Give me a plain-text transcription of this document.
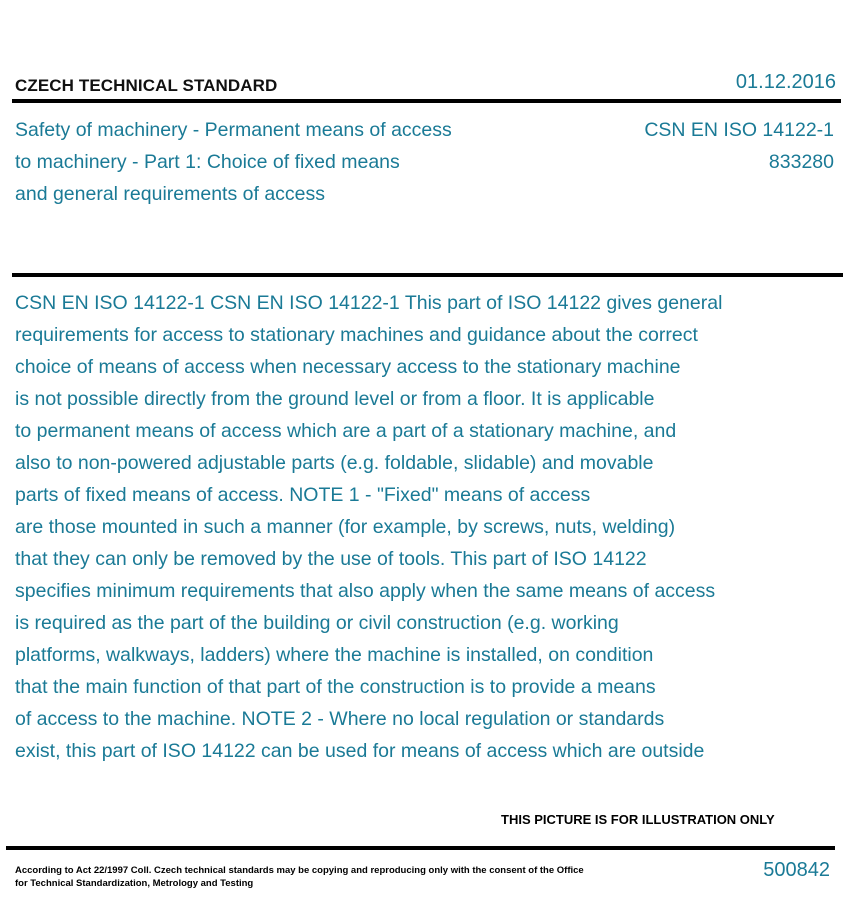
CZECH TECHNICAL STANDARD	01.12.2016
Safety of machinery - Permanent means of access
to machinery - Part 1: Choice of fixed means
and general requirements of access
CSN EN ISO 14122-1
833280
CSN EN ISO 14122-1 CSN EN ISO 14122-1 This part of ISO 14122 gives general
requirements for access to stationary machines and guidance about the correct
choice of means of access when necessary access to the stationary machine
is not possible directly from the ground level or from a floor. It is applicable
to permanent means of access which are a part of a stationary machine, and
also to non-powered adjustable parts (e.g. foldable, slidable) and movable
parts of fixed means of access. NOTE 1 - "Fixed" means of access
are those mounted in such a manner (for example, by screws, nuts, welding)
that they can only be removed by the use of tools. This part of ISO 14122
specifies minimum requirements that also apply when the same means of access
is required as the part of the building or civil construction (e.g. working
platforms, walkways, ladders) where the machine is installed, on condition
that the main function of that part of the construction is to provide a means
of access to the machine. NOTE 2 - Where no local regulation or standards
exist, this part of ISO 14122 can be used for means of access which are outside
THIS PICTURE IS FOR ILLUSTRATION ONLY
According to Act 22/1997 Coll. Czech technical standards may be copying and reproducing only with the consent of the Office
for Technical Standardization, Metrology and Testing
500842
